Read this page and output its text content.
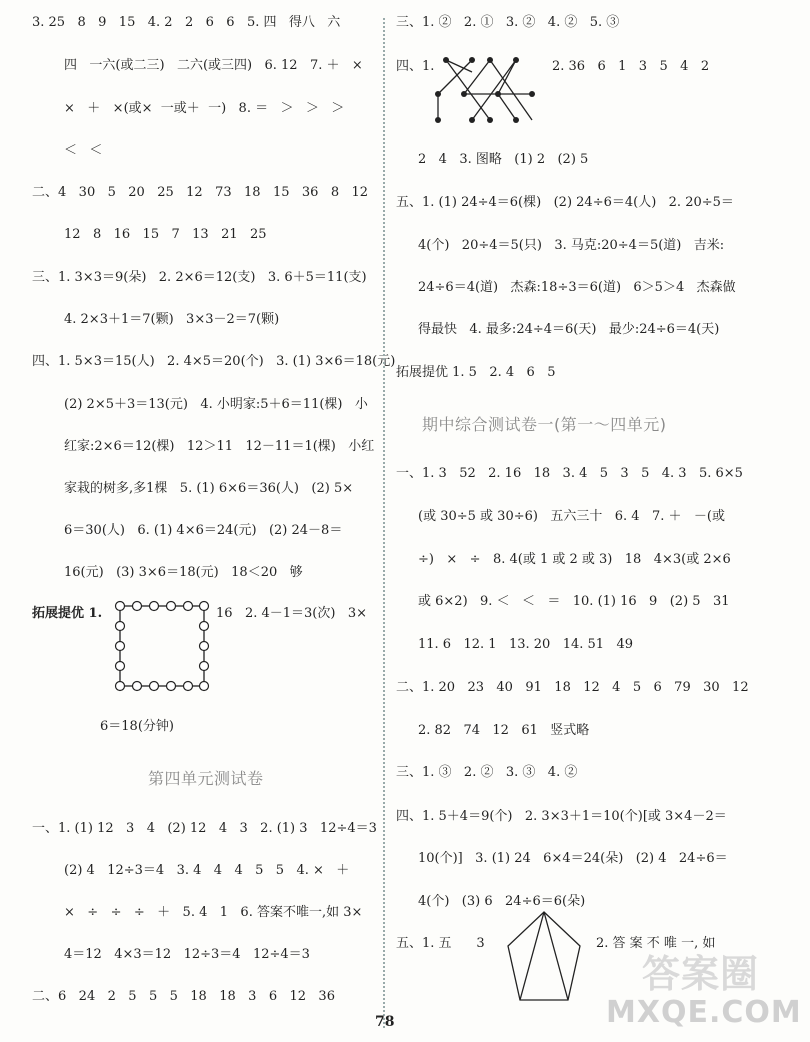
3. 25   8   9   15   4. 2   2   6   6   5. 四   得八   六
四   一六(或二三)   二六(或三四)   6. 12   7. ＋   ×
×   ＋   ×(或×  一或＋  一)   8. ＝   ＞   ＞   ＞
＜   ＜
二、4   30   5   20   25   12   73   18   15   36   8   12
12   8   16   15   7   13   21   25
三、1. 3×3＝9(朵)   2. 2×6＝12(支)   3. 6＋5＝11(支)
4. 2×3＋1＝7(颗)   3×3－2＝7(颗)
四、1. 5×3＝15(人)   2. 4×5＝20(个)   3. (1) 3×6＝18(元)
(2) 2×5＋3＝13(元)   4. 小明家:5＋6＝11(棵)   小
红家:2×6＝12(棵)   12＞11   12－11＝1(棵)   小红
家栽的树多,多1棵   5. (1) 6×6＝36(人)   (2) 5×
6＝30(人)   6. (1) 4×6＝24(元)   (2) 24－8＝
16(元)   (3) 3×6＝18(元)   18＜20   够
拓展提优 1.	16   2. 4－1＝3(次)   3×
6＝18(分钟)
第四单元测试卷
一、1. (1) 12   3   4   (2) 12   4   3   2. (1) 3   12÷4＝3
(2) 4   12÷3＝4   3. 4   4   4   5   5   4. ×   ＋
×   ÷   ÷   ÷   ＋   5. 4   1   6. 答案不唯一,如 3×
4＝12   4×3＝12   12÷3＝4   12÷4＝3
二、6   24   2   5   5   5   18   18   3   6   12   36
三、1. ②   2. ①   3. ②   4. ②   5. ③
四、1.	2. 36   6   1   3   5   4   2
2   4   3. 图略   (1) 2   (2) 5
五、1. (1) 24÷4＝6(棵)   (2) 24÷6＝4(人)   2. 20÷5＝
4(个)   20÷4＝5(只)   3. 马克:20÷4＝5(道)   吉米:
24÷6＝4(道)   杰森:18÷3＝6(道)   6＞5＞4   杰森做
得最快   4. 最多:24÷4＝6(天)   最少:24÷6＝4(天)
拓展提优 1. 5   2. 4   6   5
期中综合测试卷一(第一～四单元)
一、1. 3   52   2. 16   18   3. 4   5   3   5   4. 3   5. 6×5
(或 30÷5 或 30÷6)   五六三十   6. 4   7. ＋   －(或
÷)   ×   ÷   8. 4(或 1 或 2 或 3)   18   4×3(或 2×6
或 6×2)   9. ＜   ＜   ＝   10. (1) 16   9   (2) 5   31
11. 6   12. 1   13. 20   14. 51   49
二、1. 20   23   40   91   18   12   4   5   6   79   30   12
2. 82   74   12   61   竖式略
三、1. ③   2. ②   3. ③   4. ②
四、1. 5＋4＝9(个)   2. 3×3＋1＝10(个)[或 3×4－2＝
10(个)]   3. (1) 24   6×4＝24(朵)   (2) 4   24÷6＝
4(个)   (3) 6   24÷6＝6(朵)
五、1. 五      3	2. 答 案 不 唯 一, 如
78
答案圈
MXQE.COM
